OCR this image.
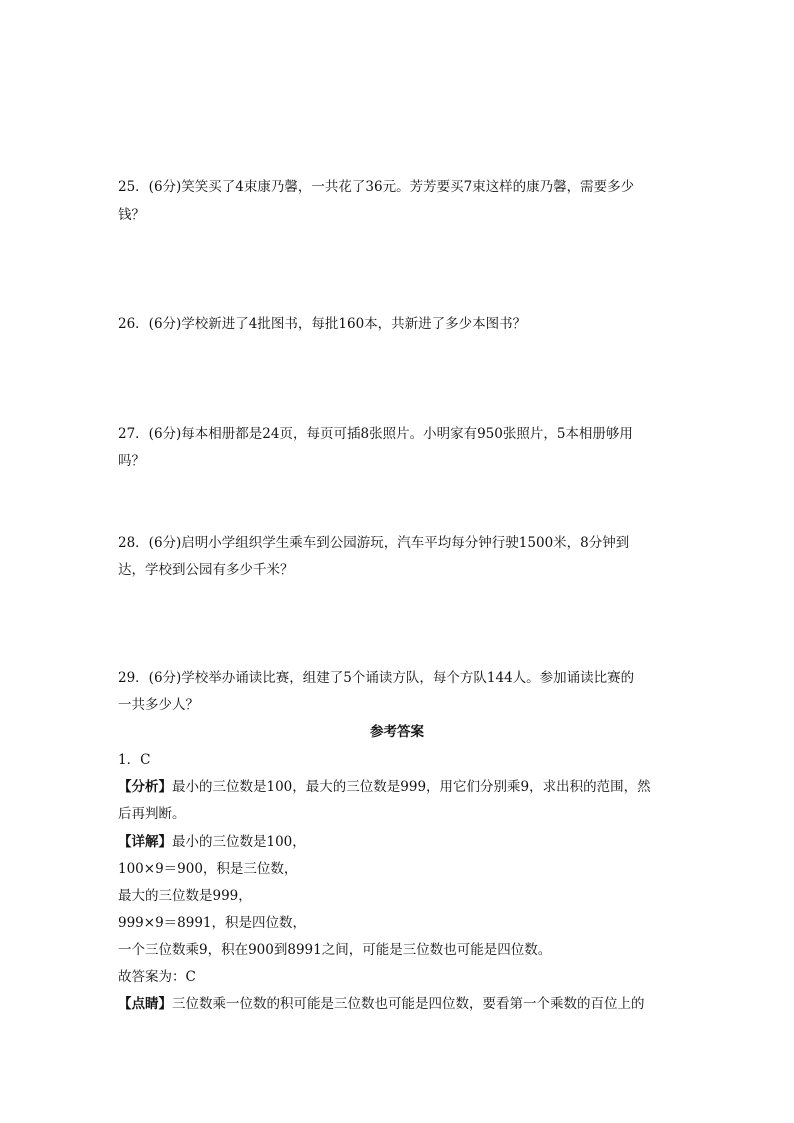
25．(6分)笑笑买了4束康乃馨，一共花了36元。芳芳要买7束这样的康乃馨，需要多少
钱？
26．(6分)学校新进了4批图书，每批160本，共新进了多少本图书？
27．(6分)每本相册都是24页，每页可插8张照片。小明家有950张照片，5本相册够用
吗？
28．(6分)启明小学组织学生乘车到公园游玩，汽车平均每分钟行驶1500米，8分钟到
达，学校到公园有多少千米？
29．(6分)学校举办诵读比赛，组建了5个诵读方队，每个方队144人。参加诵读比赛的
一共多少人？
参考答案
1．C
【分析】最小的三位数是100，最大的三位数是999，用它们分别乘9，求出积的范围，然
后再判断。
【详解】最小的三位数是100，
100×9＝900，积是三位数，
最大的三位数是999，
999×9＝8991，积是四位数，
一个三位数乘9，积在900到8991之间，可能是三位数也可能是四位数。
故答案为：C
【点睛】三位数乘一位数的积可能是三位数也可能是四位数，要看第一个乘数的百位上的
